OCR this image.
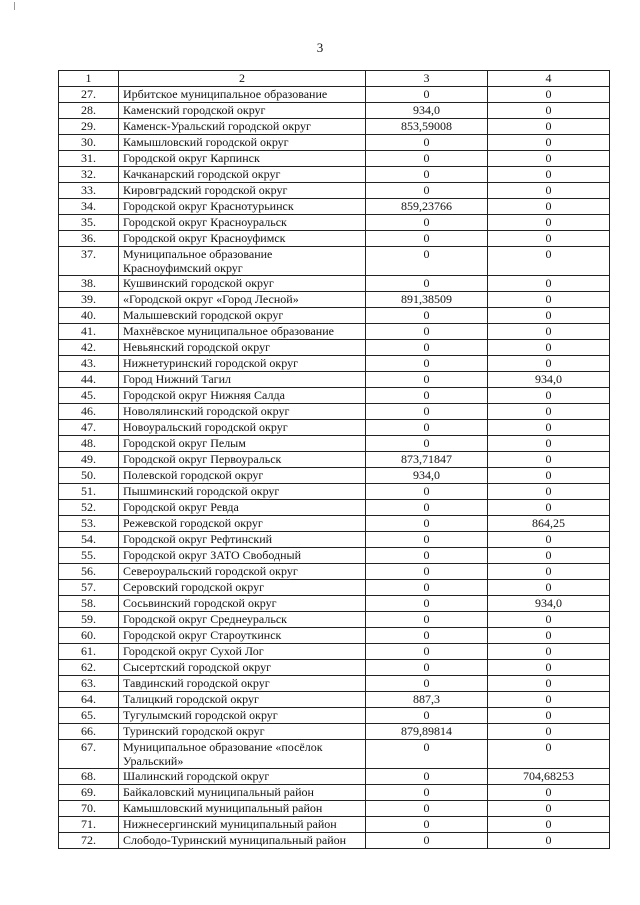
3
1	2	3	4
27.	Ирбитское муниципальное образование	0	0
28.	Каменский городской округ	934,0	0
29.	Каменск-Уральский городской округ	853,59008	0
30.	Камышловский городской округ	0	0
31.	Городской округ Карпинск	0	0
32.	Качканарский городской округ	0	0
33.	Кировградский городской округ	0	0
34.	Городской округ Краснотурьинск	859,23766	0
35.	Городской округ Красноуральск	0	0
36.	Городской округ Красноуфимск	0	0
37.	Муниципальное образование Красноуфимский округ	0	0
38.	Кушвинский городской округ	0	0
39.	«Городской округ «Город Лесной»	891,38509	0
40.	Малышевский городской округ	0	0
41.	Махнёвское муниципальное образование	0	0
42.	Невьянский городской округ	0	0
43.	Нижнетуринский городской округ	0	0
44.	Город Нижний Тагил	0	934,0
45.	Городской округ Нижняя Салда	0	0
46.	Новолялинский городской округ	0	0
47.	Новоуральский городской округ	0	0
48.	Городской округ Пелым	0	0
49.	Городской округ Первоуральск	873,71847	0
50.	Полевской городской округ	934,0	0
51.	Пышминский городской округ	0	0
52.	Городской округ Ревда	0	0
53.	Режевской городской округ	0	864,25
54.	Городской округ Рефтинский	0	0
55.	Городской округ ЗАТО Свободный	0	0
56.	Североуральский городской округ	0	0
57.	Серовский городской округ	0	0
58.	Сосьвинский городской округ	0	934,0
59.	Городской округ Среднеуральск	0	0
60.	Городской округ Староуткинск	0	0
61.	Городской округ Сухой Лог	0	0
62.	Сысертский городской округ	0	0
63.	Тавдинский городской округ	0	0
64.	Талицкий городской округ	887,3	0
65.	Тугулымский городской округ	0	0
66.	Туринский городской округ	879,89814	0
67.	Муниципальное образование «посёлок Уральский»	0	0
68.	Шалинский городской округ	0	704,68253
69.	Байкаловский муниципальный район	0	0
70.	Камышловский муниципальный район	0	0
71.	Нижнесергинский муниципальный район	0	0
72.	Слободо-Туринский муниципальный район	0	0
